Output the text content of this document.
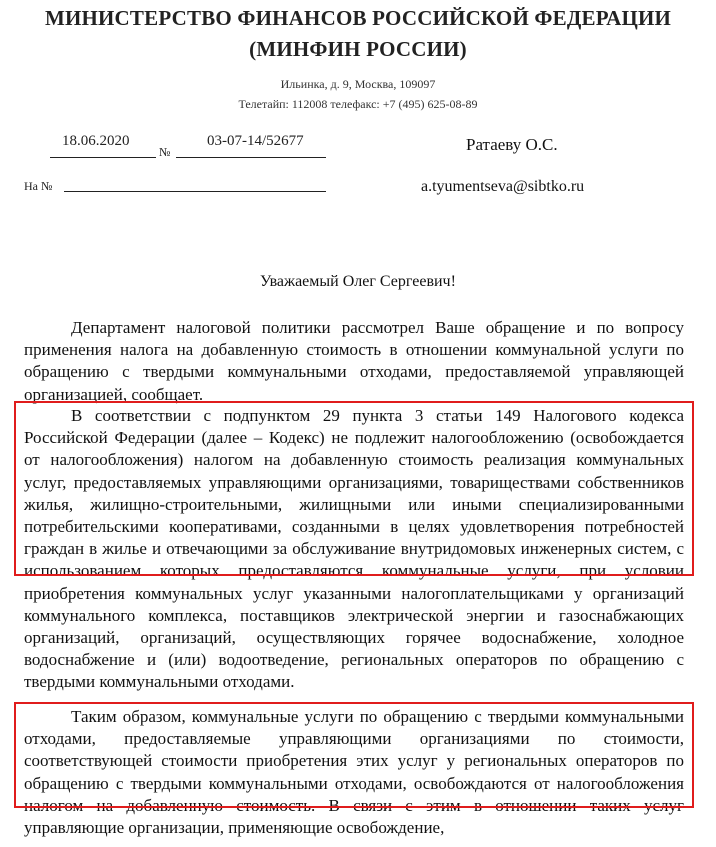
МИНИСТЕРСТВО ФИНАНСОВ РОССИЙСКОЙ ФЕДЕРАЦИИ
(МИНФИН РОССИИ)
Ильинка, д. 9, Москва, 109097
Телетайп: 112008 телефакс: +7 (495) 625-08-89
18.06.2020
№
03-07-14/52677
На №
Ратаеву О.С.
a.tyumentseva@sibtko.ru
Уважаемый Олег Сергеевич!

Департамент налоговой политики рассмотрел Ваше обращение и по вопросу применения налога на добавленную стоимость в отношении коммунальной услуги по обращению с твердыми коммунальными отходами, предоставляемой управляющей организацией, сообщает.

В соответствии с подпунктом 29 пункта 3 статьи 149 Налогового кодекса Российской Федерации (далее – Кодекс) не подлежит налогообложению (освобождается от налогообложения) налогом на добавленную стоимость реализация коммунальных услуг, предоставляемых управляющими организациями, товариществами собственников жилья, жилищно-строительными, жилищными или иными специализированными потребительскими кооперативами, созданными в целях удовлетворения потребностей граждан в жилье и отвечающими за обслуживание внутридомовых инженерных систем, с использованием которых предоставляются коммунальные услуги, при условии приобретения коммунальных услуг указанными налогоплательщиками у организаций коммунального комплекса, поставщиков электрической энергии и газоснабжающих организаций, организаций, осуществляющих горячее водоснабжение, холодное водоснабжение и (или) водоотведение, региональных операторов по обращению с твердыми коммунальными отходами.

Таким образом, коммунальные услуги по обращению с твердыми коммунальными отходами, предоставляемые управляющими организациями по стоимости, соответствующей стоимости приобретения этих услуг у региональных операторов по обращению с твердыми коммунальными отходами, освобождаются от налогообложения налогом на добавленную стоимость. В связи с этим в отношении таких услуг управляющие организации, применяющие освобождение,
